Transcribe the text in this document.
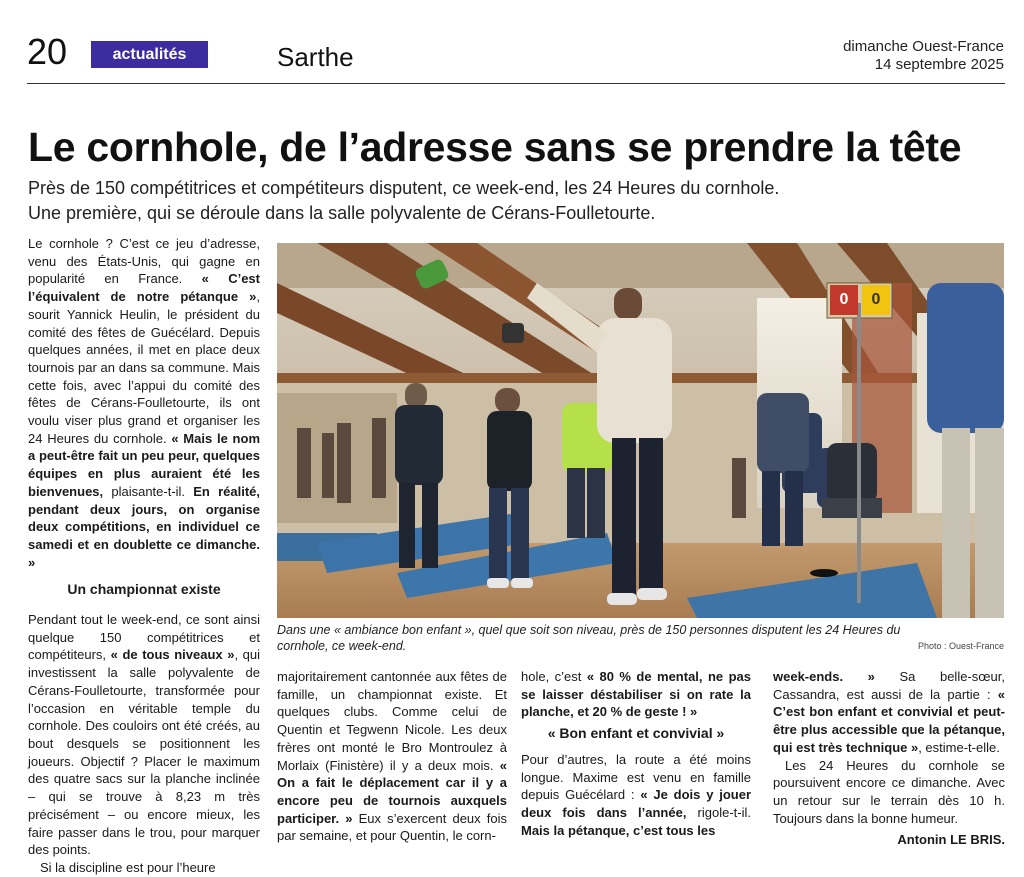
20	actualités	Sarthe	dimanche Ouest-France
14 septembre 2025
Le cornhole, de l’adresse sans se prendre la tête
Près de 150 compétitrices et compétiteurs disputent, ce week-end, les 24 Heures du cornhole.
Une première, qui se déroule dans la salle polyvalente de Cérans-Foulletourte.

Le cornhole ? C’est ce jeu d’adresse, venu des États-Unis, qui gagne en popularité en France. « C’est l’équivalent de notre pétanque », sourit Yannick Heulin, le président du comité des fêtes de Guécélard. Depuis quelques années, il met en place deux tournois par an dans sa commune. Mais cette fois, avec l’appui du comité des fêtes de Cérans-Foulletourte, ils ont voulu viser plus grand et organiser les 24 Heures du cornhole. « Mais le nom a peut-être fait un peu peur, quelques équipes en plus auraient été les bienvenues, plaisante-t-il. En réalité, pendant deux jours, on organise deux compétitions, en individuel ce samedi et en doublette ce dimanche. »

Un championnat existe

Pendant tout le week-end, ce sont ainsi quelque 150 compétitrices et compétiteurs, « de tous niveaux », qui investissent la salle polyvalente de Cérans-Foulletourte, transformée pour l’occasion en véritable temple du cornhole. Des couloirs ont été créés, au bout desquels se positionnent les joueurs. Objectif ? Placer le maximum des quatre sacs sur la planche inclinée – qui se trouve à 8,23 m très précisément – ou encore mieux, les faire passer dans le trou, pour marquer des points.

Si la discipline est pour l’heure

0	0
Dans une « ambiance bon enfant », quel que soit son niveau, près de 150 personnes disputent les 24 Heures du cornhole, ce week-end.	Photo : Ouest-France

majoritairement cantonnée aux fêtes de famille, un championnat existe. Et quelques clubs. Comme celui de Quentin et Tegwenn Nicole. Les deux frères ont monté le Bro Montroulez à Morlaix (Finistère) il y a deux mois. « On a fait le déplacement car il y a encore peu de tournois auxquels participer. » Eux s’exercent deux fois par semaine, et pour Quentin, le corn-

hole, c’est « 80 % de mental, ne pas se laisser déstabiliser si on rate la planche, et 20 % de geste ! »

« Bon enfant et convivial »

Pour d’autres, la route a été moins longue. Maxime est venu en famille depuis Guécélard : « Je dois y jouer deux fois dans l’année, rigole-t-il. Mais la pétanque, c’est tous les

week-ends. » Sa belle-sœur, Cassandra, est aussi de la partie : « C’est bon enfant et convivial et peut-être plus accessible que la pétanque, qui est très technique », estime-t-elle.

Les 24 Heures du cornhole se poursuivent encore ce dimanche. Avec un retour sur le terrain dès 10 h. Toujours dans la bonne humeur.

Antonin LE BRIS.
